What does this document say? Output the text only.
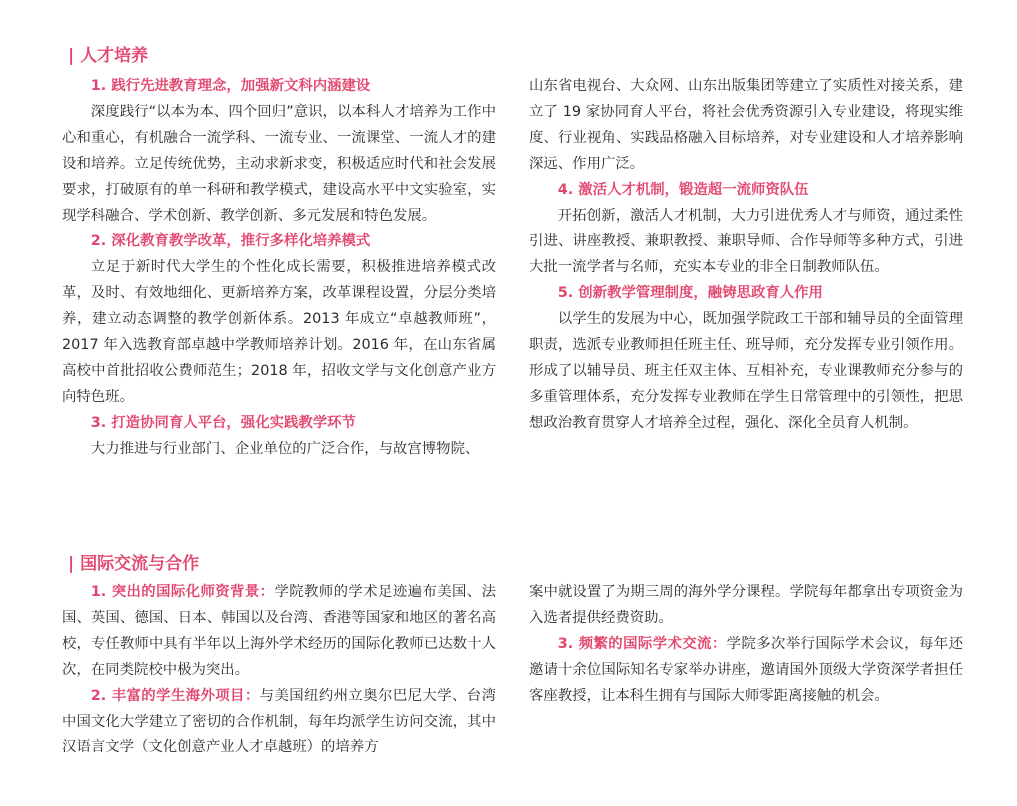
| 人才培养

1. 践行先进教育理念，加强新文科内涵建设

深度践行“以本为本、四个回归”意识，以本科人才培养为工作中心和重心，有机融合一流学科、一流专业、一流课堂、一流人才的建设和培养。立足传统优势，主动求新求变，积极适应时代和社会发展要求，打破原有的单一科研和教学模式，建设高水平中文实验室，实现学科融合、学术创新、教学创新、多元发展和特色发展。

2. 深化教育教学改革，推行多样化培养模式

立足于新时代大学生的个性化成长需要，积极推进培养模式改革，及时、有效地细化、更新培养方案，改革课程设置，分层分类培养，建立动态调整的教学创新体系。2013 年成立“卓越教师班”，2017 年入选教育部卓越中学教师培养计划。2016 年，在山东省属高校中首批招收公费师范生；2018 年，招收文学与文化创意产业方向特色班。

3. 打造协同育人平台，强化实践教学环节

大力推进与行业部门、企业单位的广泛合作，与故宫博物院、

山东省电视台、大众网、山东出版集团等建立了实质性对接关系，建立了 19 家协同育人平台，将社会优秀资源引入专业建设，将现实维度、行业视角、实践品格融入目标培养，对专业建设和人才培养影响深远、作用广泛。

4. 激活人才机制，锻造超一流师资队伍

开拓创新，激活人才机制，大力引进优秀人才与师资，通过柔性引进、讲座教授、兼职教授、兼职导师、合作导师等多种方式，引进大批一流学者与名师，充实本专业的非全日制教师队伍。

5. 创新教学管理制度，融铸思政育人作用

以学生的发展为中心，既加强学院政工干部和辅导员的全面管理职责，选派专业教师担任班主任、班导师，充分发挥专业引领作用。形成了以辅导员、班主任双主体、互相补充，专业课教师充分参与的多重管理体系，充分发挥专业教师在学生日常管理中的引领性，把思想政治教育贯穿人才培养全过程，强化、深化全员育人机制。

| 国际交流与合作

1. 突出的国际化师资背景：学院教师的学术足迹遍布美国、法国、英国、德国、日本、韩国以及台湾、香港等国家和地区的著名高校，专任教师中具有半年以上海外学术经历的国际化教师已达数十人次，在同类院校中极为突出。

2. 丰富的学生海外项目：与美国纽约州立奥尔巴尼大学、台湾中国文化大学建立了密切的合作机制，每年均派学生访问交流，其中汉语言文学（文化创意产业人才卓越班）的培养方

案中就设置了为期三周的海外学分课程。学院每年都拿出专项资金为入选者提供经费资助。

3. 频繁的国际学术交流：学院多次举行国际学术会议，每年还邀请十余位国际知名专家举办讲座，邀请国外顶级大学资深学者担任客座教授，让本科生拥有与国际大师零距离接触的机会。
